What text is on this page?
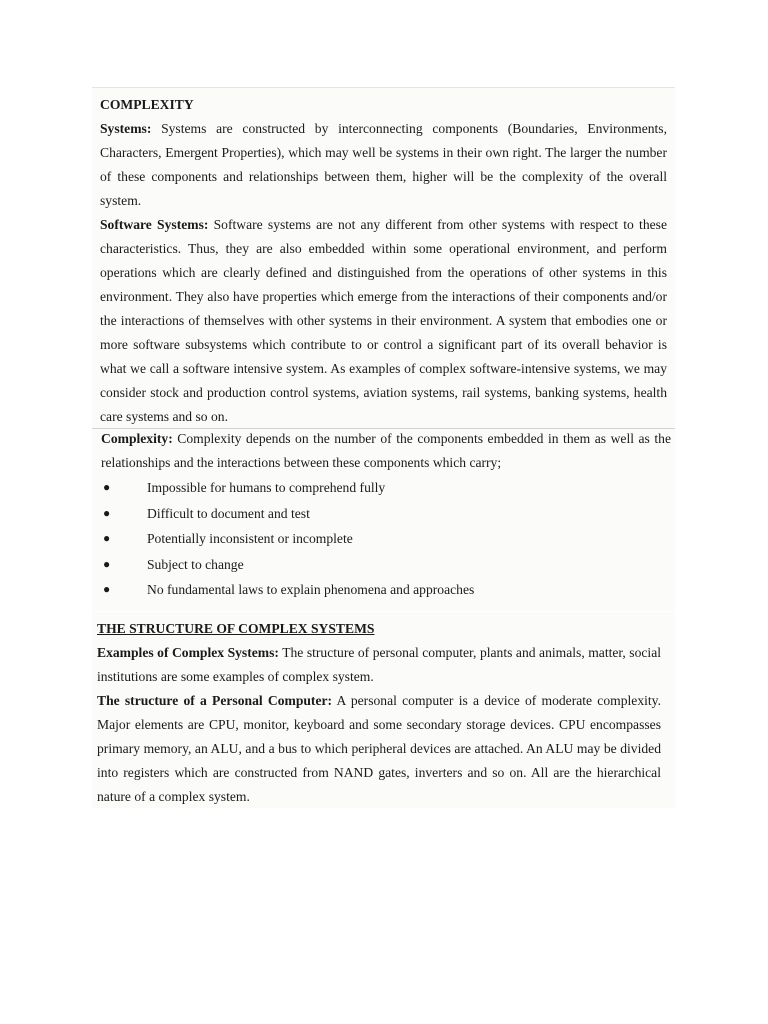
COMPLEXITY

Systems: Systems are constructed by interconnecting components (Boundaries, Environments, Characters, Emergent Properties), which may well be systems in their own right. The larger the number of these components and relationships between them, higher will be the complexity of the overall system.

Software Systems: Software systems are not any different from other systems with respect to these characteristics. Thus, they are also embedded within some operational environment, and perform operations which are clearly defined and distinguished from the operations of other systems in this environment. They also have properties which emerge from the interactions of their components and/or the interactions of themselves with other systems in their environment. A system that embodies one or more software subsystems which contribute to or control a significant part of its overall behavior is what we call a software intensive system. As examples of complex software-intensive systems, we may consider stock and production control systems, aviation systems, rail systems, banking systems, health care systems and so on.

Complexity: Complexity depends on the number of the components embedded in them as well as the relationships and the interactions between these components which carry;

●	Impossible for humans to comprehend fully
●	Difficult to document and test
●	Potentially inconsistent or incomplete
●	Subject to change
●	No fundamental laws to explain phenomena and approaches

THE STRUCTURE OF COMPLEX SYSTEMS

Examples of Complex Systems: The structure of personal computer, plants and animals, matter, social institutions are some examples of complex system.

The structure of a Personal Computer: A personal computer is a device of moderate complexity. Major elements are CPU, monitor, keyboard and some secondary storage devices. CPU encompasses primary memory, an ALU, and a bus to which peripheral devices are attached. An ALU may be divided into registers which are constructed from NAND gates, inverters and so on. All are the hierarchical nature of a complex system.
